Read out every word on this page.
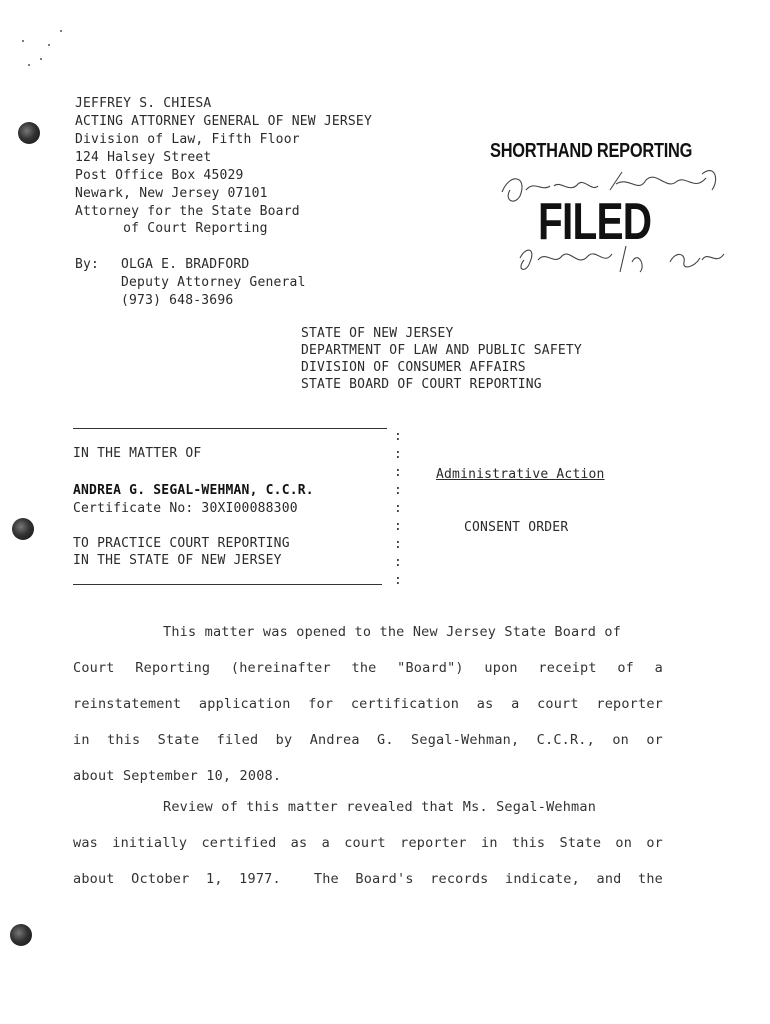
JEFFREY S. CHIESA
ACTING ATTORNEY GENERAL OF NEW JERSEY
Division of Law, Fifth Floor
124 Halsey Street
Post Office Box 45029
Newark, New Jersey 07101
Attorney for the State Board
of Court Reporting
By: OLGA E. BRADFORD
Deputy Attorney General
(973) 648-3696
SHORTHAND REPORTING
FILED
STATE OF NEW JERSEY
DEPARTMENT OF LAW AND PUBLIC SAFETY
DIVISION OF CONSUMER AFFAIRS
STATE BOARD OF COURT REPORTING
IN THE MATTER OF
ANDREA G. SEGAL-WEHMAN, C.C.R.
Certificate No: 30XI00088300
TO PRACTICE COURT REPORTING
IN THE STATE OF NEW JERSEY
:
:
:
:
:
:
:
:
:
Administrative Action
CONSENT ORDER
This matter was opened to the New Jersey State Board of
Court Reporting (hereinafter the "Board") upon receipt of a
reinstatement application for certification as a court reporter
in this State filed by Andrea G. Segal-Wehman, C.C.R., on or
about September 10, 2008.
Review of this matter revealed that Ms. Segal-Wehman
was initially certified as a court reporter in this State on or
about October 1, 1977.  The Board's records indicate, and the
